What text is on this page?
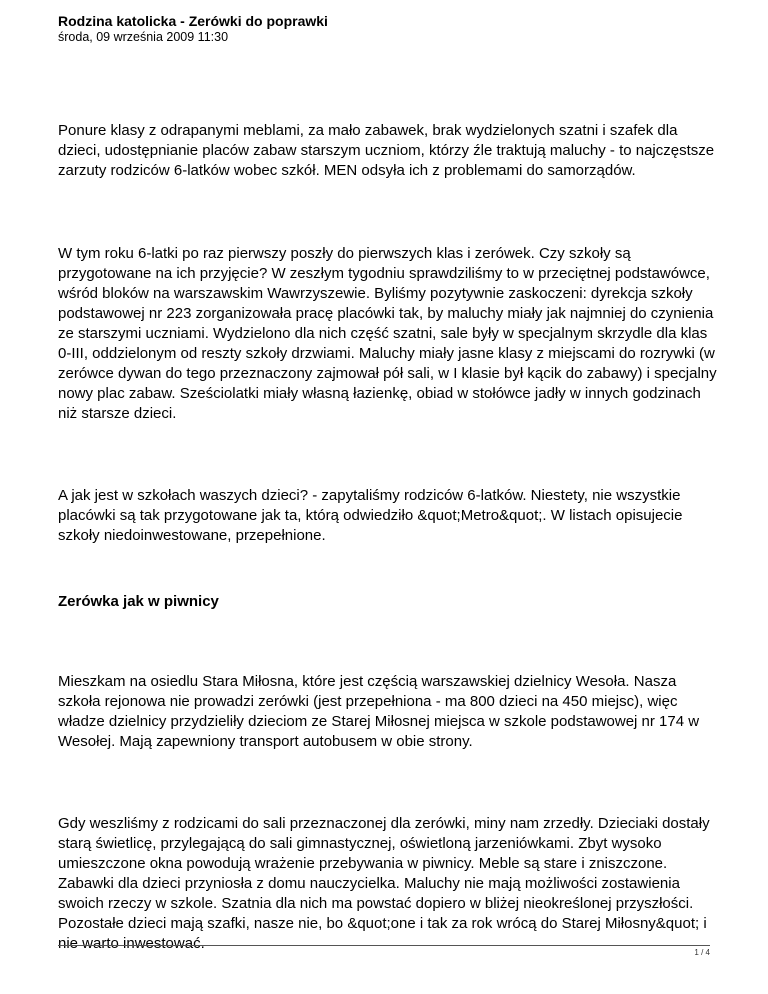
Rodzina katolicka - Zerówki do poprawki

środa, 09 września 2009 11:30

Ponure klasy z odrapanymi meblami, za mało zabawek, brak wydzielonych szatni i szafek dla dzieci, udostępnianie placów zabaw starszym uczniom, którzy źle traktują maluchy - to najczęstsze zarzuty rodziców 6-latków wobec szkół. MEN odsyła ich z problemami do samorządów.

W tym roku 6-latki po raz pierwszy poszły do pierwszych klas i zerówek. Czy szkoły są przygotowane na ich przyjęcie? W zeszłym tygodniu sprawdziliśmy to w przeciętnej podstawówce, wśród bloków na warszawskim Wawrzyszewie. Byliśmy pozytywnie zaskoczeni: dyrekcja szkoły podstawowej nr 223 zorganizowała pracę placówki tak, by maluchy miały jak najmniej do czynienia ze starszymi uczniami. Wydzielono dla nich część szatni, sale były w specjalnym skrzydle dla klas 0-III, oddzielonym od reszty szkoły drzwiami. Maluchy miały jasne klasy z miejscami do rozrywki (w zerówce dywan do tego przeznaczony zajmował pół sali, w I klasie był kącik do zabawy) i specjalny nowy plac zabaw. Sześciolatki miały własną łazienkę, obiad w stołówce jadły w innych godzinach niż starsze dzieci.

A jak jest w szkołach waszych dzieci? - zapytaliśmy rodziców 6-latków. Niestety, nie wszystkie placówki są tak przygotowane jak ta, którą odwiedziło &quot;Metro&quot;. W listach opisujecie szkoły niedoinwestowane, przepełnione.

Zerówka jak w piwnicy

Mieszkam na osiedlu Stara Miłosna, które jest częścią warszawskiej dzielnicy Wesoła. Nasza szkoła rejonowa nie prowadzi zerówki (jest przepełniona - ma 800 dzieci na 450 miejsc), więc władze dzielnicy przydzieliły dzieciom ze Starej Miłosnej miejsca w szkole podstawowej nr 174 w Wesołej. Mają zapewniony transport autobusem w obie strony.

Gdy weszliśmy z rodzicami do sali przeznaczonej dla zerówki, miny nam zrzedły. Dzieciaki dostały starą świetlicę, przylegającą do sali gimnastycznej, oświetloną jarzeniówkami. Zbyt wysoko umieszczone okna powodują wrażenie przebywania w piwnicy. Meble są stare i zniszczone. Zabawki dla dzieci przyniosła z domu nauczycielka. Maluchy nie mają możliwości zostawienia swoich rzeczy w szkole. Szatnia dla nich ma powstać dopiero w bliżej nieokreślonej przyszłości. Pozostałe dzieci mają szafki, nasze nie, bo &quot;one i tak za rok wrócą do Starej Miłosny&quot; i nie warto inwestować.

1 / 4
